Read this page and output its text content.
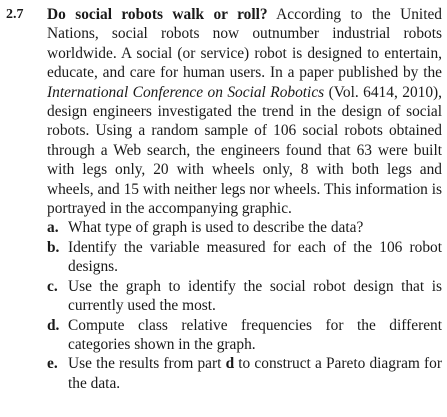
2.7 Do social robots walk or roll? According to the United Nations, social robots now outnumber industrial robots worldwide. A social (or service) robot is designed to entertain, educate, and care for human users. In a paper published by the International Conference on Social Robotics (Vol. 6414, 2010), design engineers investigated the trend in the design of social robots. Using a random sample of 106 social robots obtained through a Web search, the engineers found that 63 were built with legs only, 20 with wheels only, 8 with both legs and wheels, and 15 with neither legs nor wheels. This information is portrayed in the accompanying graphic.
a. What type of graph is used to describe the data?
b. Identify the variable measured for each of the 106 robot designs.
c. Use the graph to identify the social robot design that is currently used the most.
d. Compute class relative frequencies for the different categories shown in the graph.
e. Use the results from part d to construct a Pareto diagram for the data.
